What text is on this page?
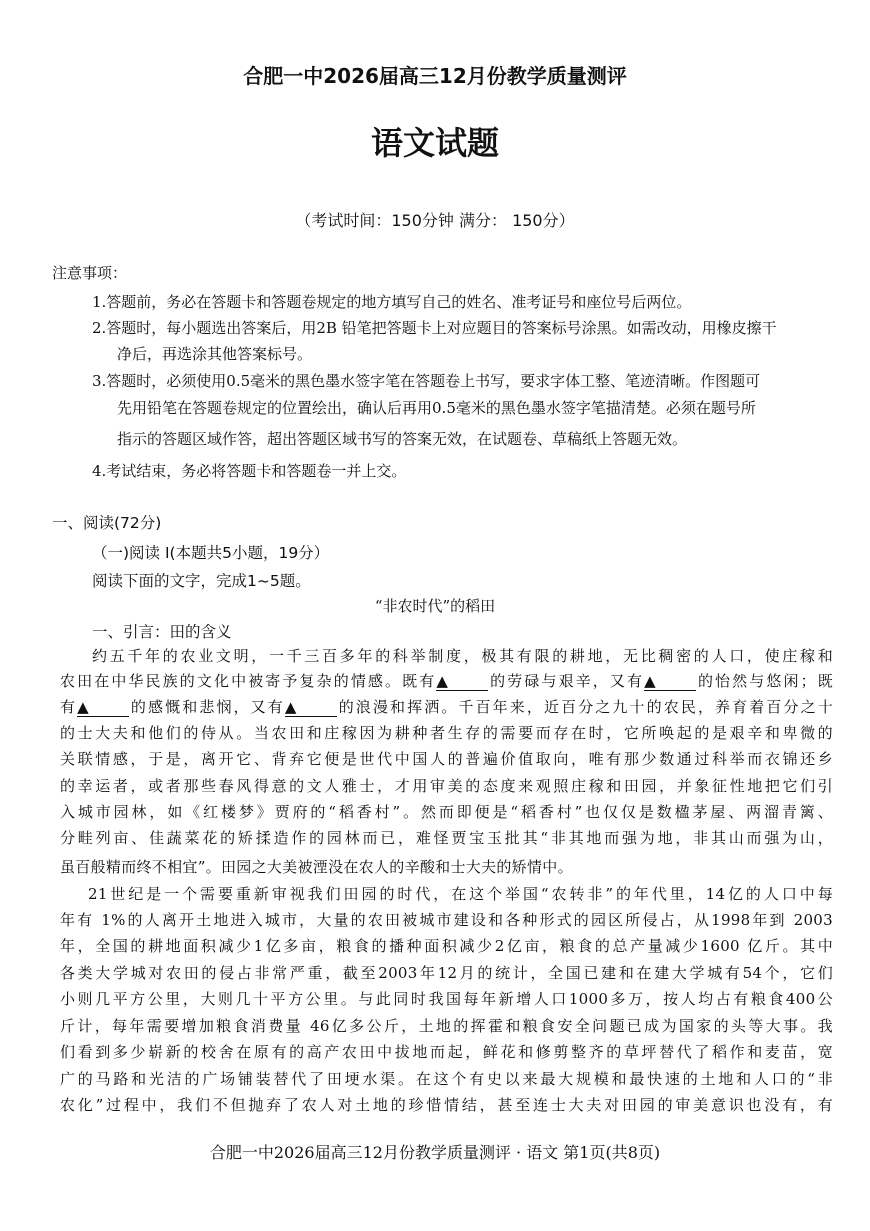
合肥一中2026届高三12月份教学质量测评
语文试题
（考试时间：150分钟 满分： 150分）
注意事项：
1.答题前，务必在答题卡和答题卷规定的地方填写自己的姓名、准考证号和座位号后两位。
2.答题时，每小题选出答案后，用2B 铅笔把答题卡上对应题目的答案标号涂黑。如需改动，用橡皮擦干
净后，再选涂其他答案标号。
3.答题时，必须使用0.5毫米的黑色墨水签字笔在答题卷上书写，要求字体工整、笔迹清晰。作图题可
先用铅笔在答题卷规定的位置绘出，确认后再用0.5毫米的黑色墨水签字笔描清楚。必须在题号所
指示的答题区域作答，超出答题区域书写的答案无效，在试题卷、草稿纸上答题无效。
4.考试结束，务必将答题卡和答题卷一并上交。
一、阅读(72分)
（一)阅读 Ⅰ(本题共5小题，19分）
阅读下面的文字，完成1~5题。
“非农时代”的稻田
一、引言：田的含义
约五千年的农业文明，一千三百多年的科举制度，极其有限的耕地，无比稠密的人口，使庄稼和
农田在中华民族的文化中被寄予复杂的情感。既有▲	的劳碌与艰辛，又有▲	的怡然与悠闲；既
有▲	的感慨和悲悯，又有▲	的浪漫和挥洒。千百年来，近百分之九十的农民，养育着百分之十
的士大夫和他们的侍从。当农田和庄稼因为耕种者生存的需要而存在时，它所唤起的是艰辛和卑微的
关联情感，于是，离开它、背弃它便是世代中国人的普遍价值取向，唯有那少数通过科举而衣锦还乡
的幸运者，或者那些春风得意的文人雅士，才用审美的态度来观照庄稼和田园，并象征性地把它们引
入城市园林，如《红楼梦》贾府的“稻香村”。然而即便是“稻香村”也仅仅是数楹茅屋、两溜青篱、
分畦列亩、佳蔬菜花的矫揉造作的园林而已，难怪贾宝玉批其“非其地而强为地，非其山而强为山，
虽百般精而终不相宜”。田园之大美被湮没在农人的辛酸和士大夫的矫情中。
21世纪是一个需要重新审视我们田园的时代，在这个举国“农转非”的年代里，14亿的人口中每
年有 1%的人离开土地进入城市，大量的农田被城市建设和各种形式的园区所侵占，从1998年到 2003
年，全国的耕地面积减少1亿多亩，粮食的播种面积减少2亿亩，粮食的总产量减少1600 亿斤。其中
各类大学城对农田的侵占非常严重，截至2003年12月的统计，全国已建和在建大学城有54个，它们
小则几平方公里，大则几十平方公里。与此同时我国每年新增人口1000多万，按人均占有粮食400公
斤计，每年需要增加粮食消费量 46亿多公斤，土地的挥霍和粮食安全问题已成为国家的头等大事。我
们看到多少崭新的校舍在原有的高产农田中拔地而起，鲜花和修剪整齐的草坪替代了稻作和麦苗，宽
广的马路和光洁的广场铺装替代了田埂水渠。在这个有史以来最大规模和最快速的土地和人口的“非
农化”过程中，我们不但抛弃了农人对土地的珍惜情结，甚至连士大夫对田园的审美意识也没有，有
合肥一中2026届高三12月份教学质量测评 · 语文 第1页(共8页)
